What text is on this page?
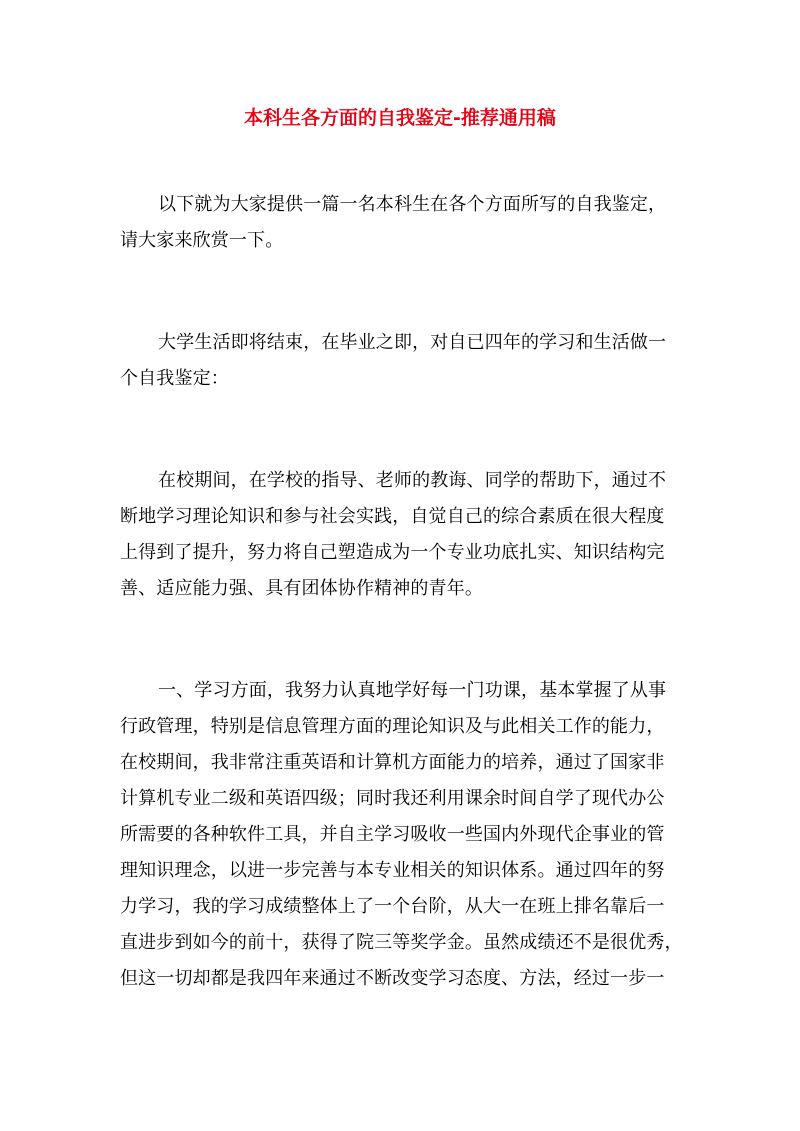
本科生各方面的自我鉴定-推荐通用稿
以下就为大家提供一篇一名本科生在各个方面所写的自我鉴定，
请大家来欣赏一下。
大学生活即将结束，在毕业之即，对自已四年的学习和生活做一
个自我鉴定：
在校期间，在学校的指导、老师的教诲、同学的帮助下，通过不
断地学习理论知识和参与社会实践，自觉自己的综合素质在很大程度
上得到了提升，努力将自己塑造成为一个专业功底扎实、知识结构完
善、适应能力强、具有团体协作精神的青年。
一、学习方面，我努力认真地学好每一门功课，基本掌握了从事
行政管理，特别是信息管理方面的理论知识及与此相关工作的能力，
在校期间，我非常注重英语和计算机方面能力的培养，通过了国家非
计算机专业二级和英语四级；同时我还利用课余时间自学了现代办公
所需要的各种软件工具，并自主学习吸收一些国内外现代企事业的管
理知识理念，以进一步完善与本专业相关的知识体系。通过四年的努
力学习，我的学习成绩整体上了一个台阶，从大一在班上排名靠后一
直进步到如今的前十，获得了院三等奖学金。虽然成绩还不是很优秀，
但这一切却都是我四年来通过不断改变学习态度、方法，经过一步一
